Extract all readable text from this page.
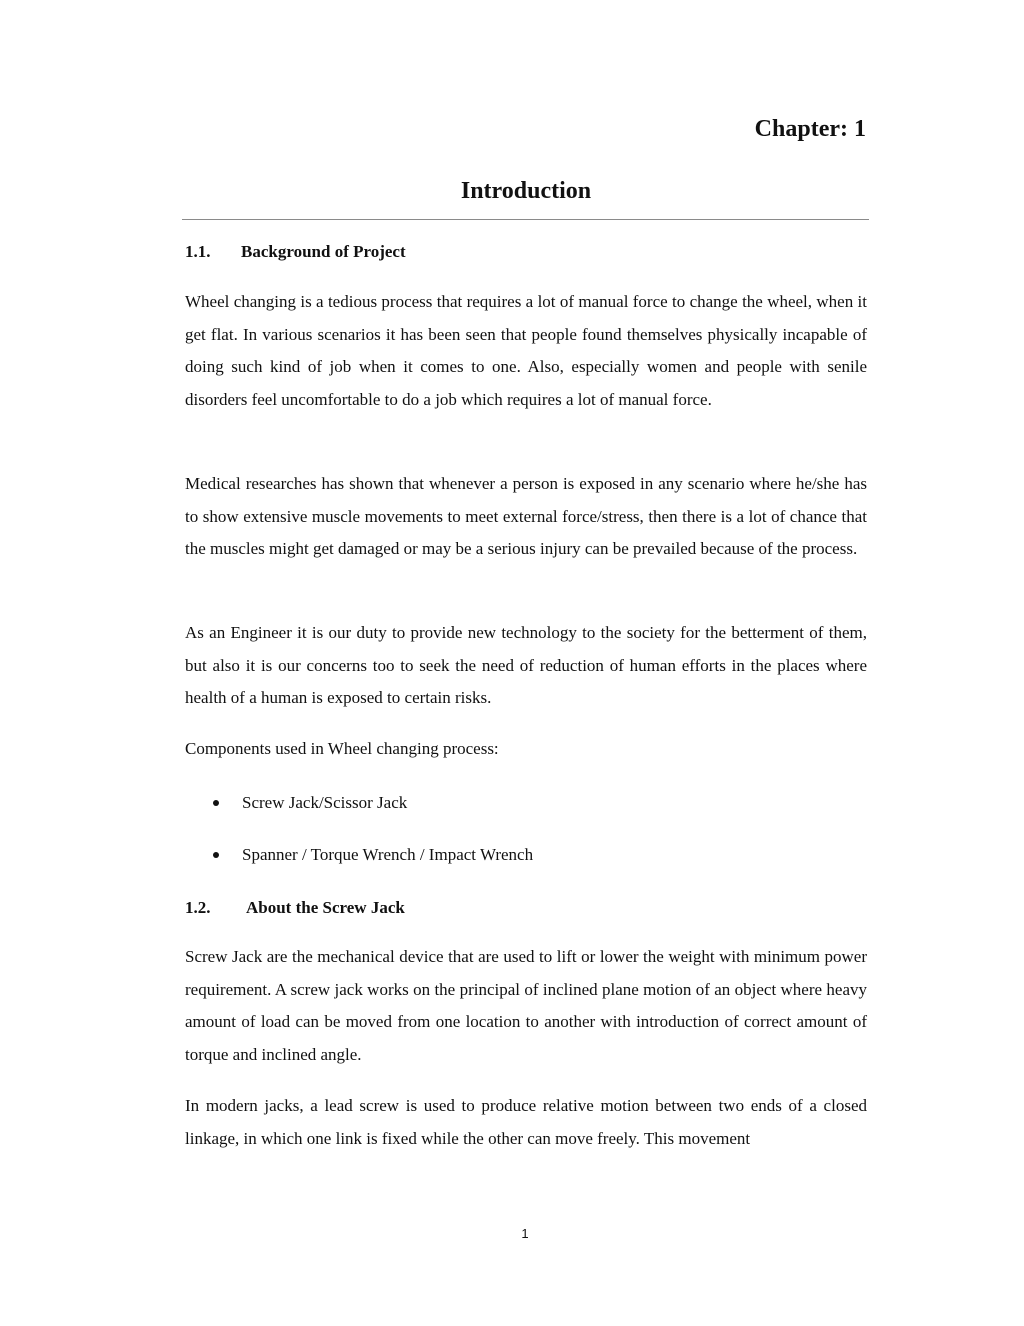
Chapter: 1
Introduction
1.1. Background of Project

Wheel changing is a tedious process that requires a lot of manual force to change the wheel, when it get flat. In various scenarios it has been seen that people found themselves physically incapable of doing such kind of job when it comes to one. Also, especially women and people with senile disorders feel uncomfortable to do a job which requires a lot of manual force.

Medical researches has shown that whenever a person is exposed in any scenario where he/she has to show extensive muscle movements to meet external force/stress, then there is a lot of chance that the muscles might get damaged or may be a serious injury can be prevailed because of the process.

As an Engineer it is our duty to provide new technology to the society for the betterment of them, but also it is our concerns too to seek the need of reduction of human efforts in the places where health of a human is exposed to certain risks.

Components used in Wheel changing process:

Screw Jack/Scissor Jack
Spanner / Torque Wrench / Impact Wrench
1.2. About the Screw Jack

Screw Jack are the mechanical device that are used to lift or lower the weight with minimum power requirement. A screw jack works on the principal of inclined plane motion of an object where heavy amount of load can be moved from one location to another with introduction of correct amount of torque and inclined angle.

In modern jacks, a lead screw is used to produce relative motion between two ends of a closed linkage, in which one link is fixed while the other can move freely. This movement

1
